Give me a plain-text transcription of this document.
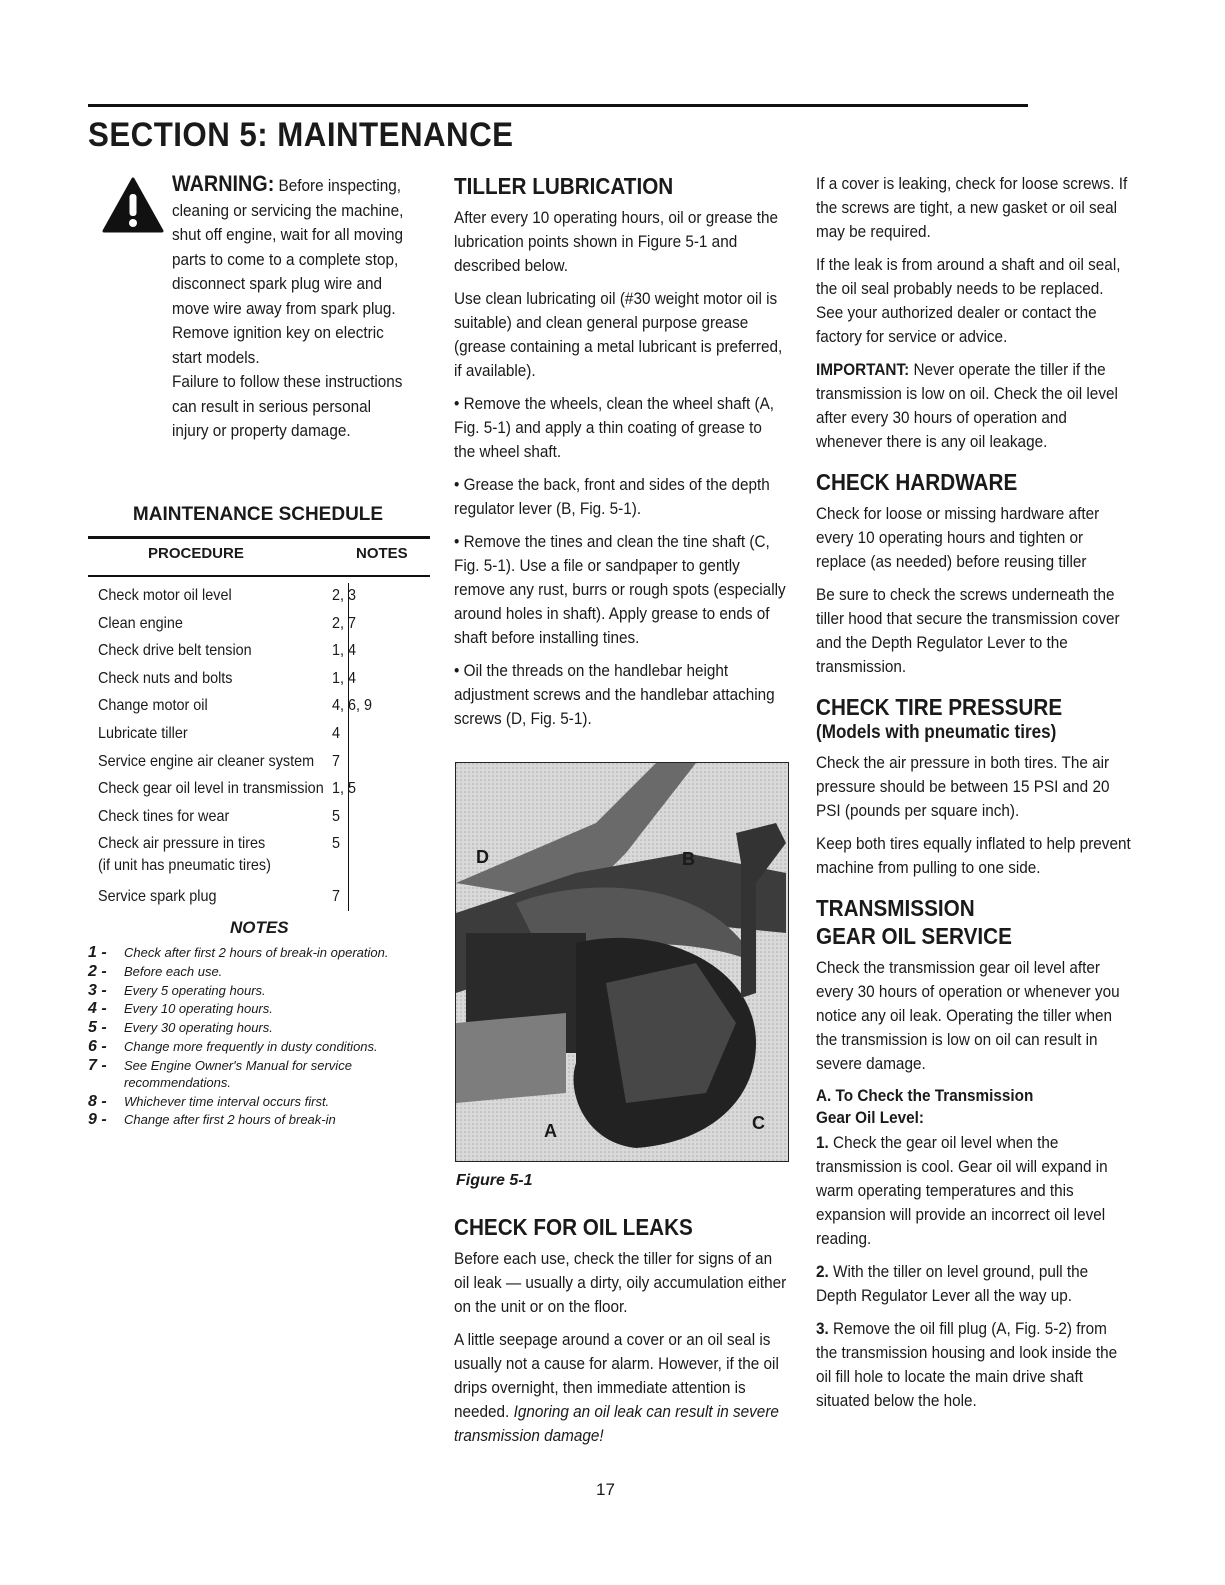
SECTION 5: MAINTENANCE
WARNING: Before inspecting, cleaning or servicing the machine, shut off engine, wait for all moving parts to come to a complete stop, disconnect spark plug wire and move wire away from spark plug. Remove ignition key on electric start models.
Failure to follow these instructions can result in serious personal injury or property damage.
MAINTENANCE SCHEDULE
PROCEDURE	NOTES
Check motor oil level	2, 3
Clean engine	2, 7
Check drive belt tension	1, 4
Check nuts and bolts	1, 4
Change motor oil	4, 6, 9
Lubricate tiller	4
Service engine air cleaner system	7
Check gear oil level in transmission	1, 5
Check tines for wear	5
Check air pressure in tires
(if unit has pneumatic tires)	5
Service spark plug	7
NOTES
1 -	Check after first 2 hours of break-in operation.
2 -	Before each use.
3 -	Every 5 operating hours.
4 -	Every 10 operating hours.
5 -	Every 30 operating hours.
6 -	Change more frequently in dusty conditions.
7 -	See Engine Owner's Manual for service recommendations.
8 -	Whichever time interval occurs first.
9 -	Change after first 2 hours of break-in
TILLER LUBRICATION

After every 10 operating hours, oil or grease the lubrication points shown in Figure 5-1 and described below.

Use clean lubricating oil (#30 weight motor oil is suitable) and clean general purpose grease (grease containing a metal lubricant is preferred, if available).

• Remove the wheels, clean the wheel shaft (A, Fig. 5-1) and apply a thin coating of grease to the wheel shaft.

• Grease the back, front and sides of the depth regulator lever (B, Fig. 5-1).

• Remove the tines and clean the tine shaft (C, Fig. 5-1). Use a file or sandpaper to gently remove any rust, burrs or rough spots (especially around holes in shaft). Apply grease to ends of shaft before installing tines.

• Oil the threads on the handlebar height adjustment screws and the handlebar attaching screws (D, Fig. 5-1).

D	B
A	C
Figure 5-1
CHECK FOR OIL LEAKS

Before each use, check the tiller for signs of an oil leak — usually a dirty, oily accumulation either on the unit or on the floor.

A little seepage around a cover or an oil seal is usually not a cause for alarm. However, if the oil drips overnight, then immediate attention is needed. Ignoring an oil leak can result in severe transmission damage!

17

If a cover is leaking, check for loose screws. If the screws are tight, a new gasket or oil seal may be required.

If the leak is from around a shaft and oil seal, the oil seal probably needs to be replaced. See your authorized dealer or contact the factory for service or advice.

IMPORTANT: Never operate the tiller if the transmission is low on oil. Check the oil level after every 30 hours of operation and whenever there is any oil leakage.

CHECK HARDWARE

Check for loose or missing hardware after every 10 operating hours and tighten or replace (as needed) before reusing tiller

Be sure to check the screws underneath the tiller hood that secure the transmission cover and the Depth Regulator Lever to the transmission.

CHECK TIRE PRESSURE
(Models with pneumatic tires)

Check the air pressure in both tires. The air pressure should be between 15 PSI and 20 PSI (pounds per square inch).

Keep both tires equally inflated to help prevent machine from pulling to one side.

TRANSMISSION
GEAR OIL SERVICE

Check the transmission gear oil level after every 30 hours of operation or whenever you notice any oil leak. Operating the tiller when the transmission is low on oil can result in severe damage.

A. To Check the Transmission
Gear Oil Level:

1. Check the gear oil level when the transmission is cool. Gear oil will expand in warm operating temperatures and this expansion will provide an incorrect oil level reading.

2. With the tiller on level ground, pull the Depth Regulator Lever all the way up.

3. Remove the oil fill plug (A, Fig. 5-2) from the transmission housing and look inside the oil fill hole to locate the main drive shaft situated below the hole.
